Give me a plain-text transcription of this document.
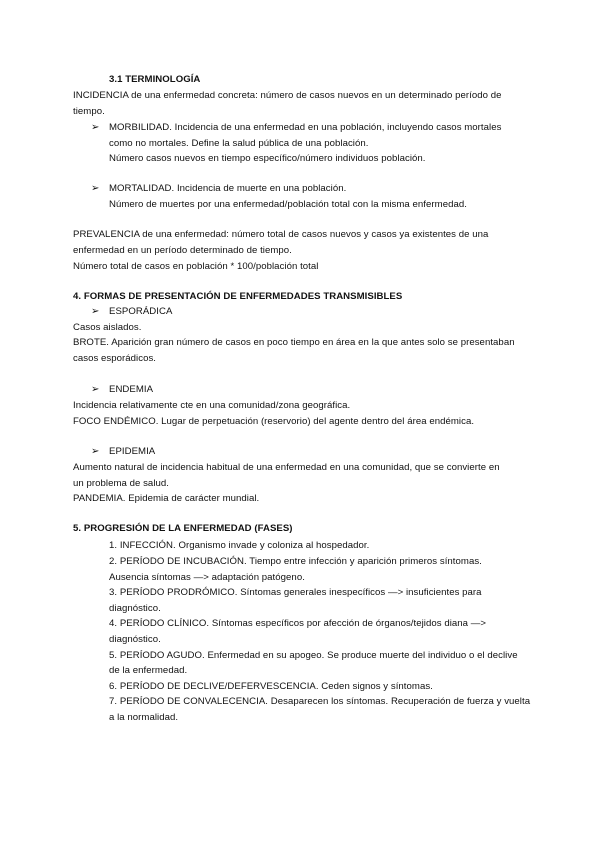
3.1 TERMINOLOGÍA
INCIDENCIA de una enfermedad concreta: número de casos nuevos en un determinado período de
tiempo.
➢ MORBILIDAD. Incidencia de una enfermedad en una población, incluyendo casos mortales
como no mortales. Define la salud pública de una población.
Número casos nuevos en tiempo específico/número individuos población.
➢ MORTALIDAD. Incidencia de muerte en una población.
Número de muertes por una enfermedad/población total con la misma enfermedad.
PREVALENCIA de una enfermedad: número total de casos nuevos y casos ya existentes de una
enfermedad en un período determinado de tiempo.
Número total de casos en población * 100/población total
4. FORMAS DE PRESENTACIÓN DE ENFERMEDADES TRANSMISIBLES
➢ ESPORÁDICA
Casos aislados.
BROTE. Aparición gran número de casos en poco tiempo en área en la que antes solo se presentaban
casos esporádicos.
➢ ENDEMIA
Incidencia relativamente cte en una comunidad/zona geográfica.
FOCO ENDÉMICO. Lugar de perpetuación (reservorio) del agente dentro del área endémica.
➢ EPIDEMIA
Aumento natural de incidencia habitual de una enfermedad en una comunidad, que se convierte en
un problema de salud.
PANDEMIA. Epidemia de carácter mundial.
5. PROGRESIÓN DE LA ENFERMEDAD (FASES)
1. INFECCIÓN. Organismo invade y coloniza al hospedador.
2. PERÍODO DE INCUBACIÓN. Tiempo entre infección y aparición primeros síntomas.
Ausencia síntomas —> adaptación patógeno.
3. PERÍODO PRODRÓMICO. Síntomas generales inespecíficos —> insuficientes para
diagnóstico.
4. PERÍODO CLÍNICO. Síntomas específicos por afección de órganos/tejidos diana —>
diagnóstico.
5. PERÍODO AGUDO. Enfermedad en su apogeo. Se produce muerte del individuo o el declive
de la enfermedad.
6. PERÍODO DE DECLIVE/DEFERVESCENCIA. Ceden signos y síntomas.
7. PERÍODO DE CONVALECENCIA. Desaparecen los síntomas. Recuperación de fuerza y vuelta
a la normalidad.
